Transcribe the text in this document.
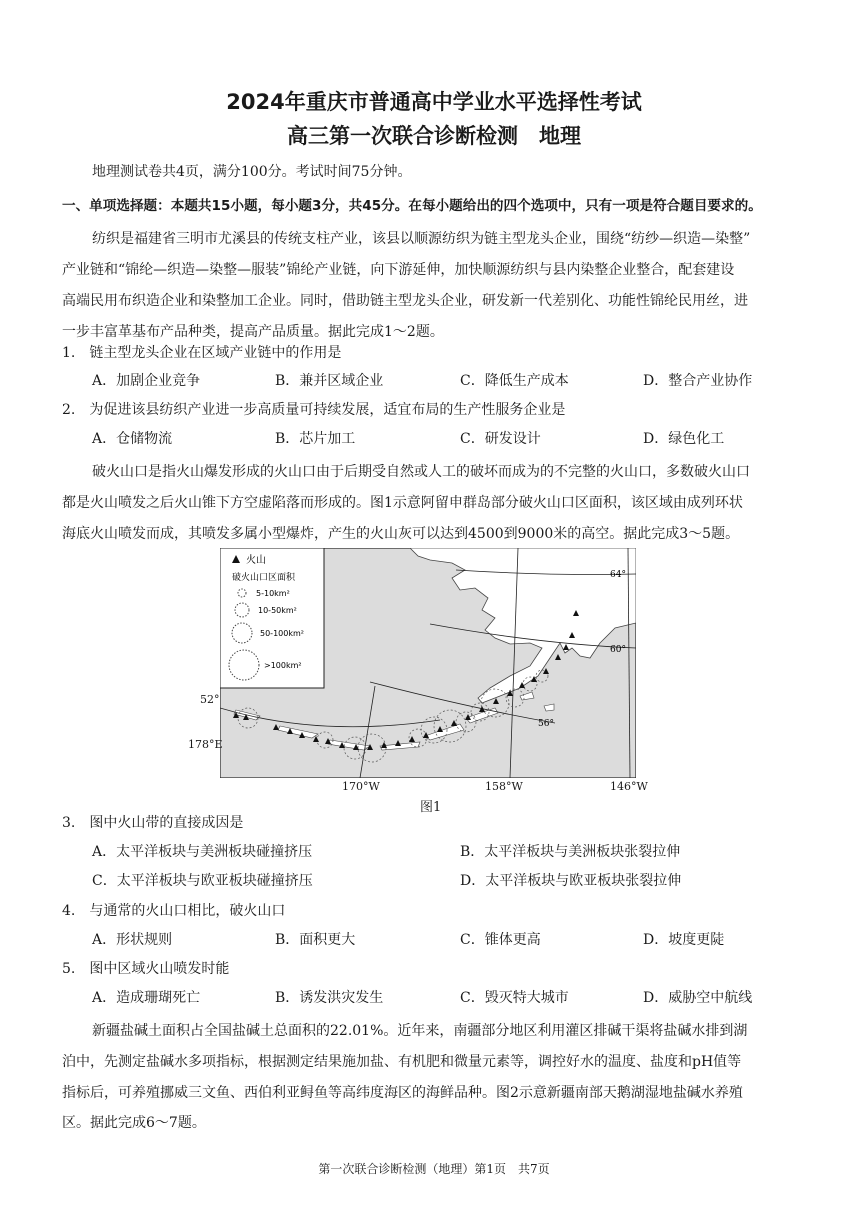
2024年重庆市普通高中学业水平选择性考试
高三第一次联合诊断检测　地理
地理测试卷共4页，满分100分。考试时间75分钟。
一、单项选择题：本题共15小题，每小题3分，共45分。在每小题给出的四个选项中，只有一项是符合题目要求的。
纺织是福建省三明市尤溪县的传统支柱产业，该县以顺源纺织为链主型龙头企业，围绕“纺纱—织造—染整”
产业链和“锦纶—织造—染整—服装”锦纶产业链，向下游延伸，加快顺源纺织与县内染整企业整合，配套建设
高端民用布织造企业和染整加工企业。同时，借助链主型龙头企业，研发新一代差别化、功能性锦纶民用丝，进
一步丰富革基布产品种类，提高产品质量。据此完成1～2题。
1.　链主型龙头企业在区域产业链中的作用是
A．加剧企业竞争	B．兼并区域企业	C．降低生产成本	D．整合产业协作
2.　为促进该县纺织产业进一步高质量可持续发展，适宜布局的生产性服务企业是
A．仓储物流	B．芯片加工	C．研发设计	D．绿色化工
破火山口是指火山爆发形成的火山口由于后期受自然或人工的破坏而成为的不完整的火山口，多数破火山口
都是火山喷发之后火山锥下方空虚陷落而形成的。图1示意阿留申群岛部分破火山口区面积，该区域由成列环状
海底火山喷发而成，其喷发多属小型爆炸，产生的火山灰可以达到4500到9000米的高空。据此完成3～5题。
火山
破火山口区面积
5-10km²
10-50km²
50-100km²
>100km²
64°
60°
56°
52°
178°E
170°W	158°W	146°W
图1
3.　图中火山带的直接成因是
A．太平洋板块与美洲板块碰撞挤压	B．太平洋板块与美洲板块张裂拉伸
C．太平洋板块与欧亚板块碰撞挤压	D．太平洋板块与欧亚板块张裂拉伸
4.　与通常的火山口相比，破火山口
A．形状规则	B．面积更大	C．锥体更高	D．坡度更陡
5.　图中区域火山喷发时能
A．造成珊瑚死亡	B．诱发洪灾发生	C．毁灭特大城市	D．威胁空中航线
新疆盐碱土面积占全国盐碱土总面积的22.01%。近年来，南疆部分地区利用灌区排碱干渠将盐碱水排到湖
泊中，先测定盐碱水多项指标，根据测定结果施加盐、有机肥和微量元素等，调控好水的温度、盐度和pH值等
指标后，可养殖挪威三文鱼、西伯利亚鲟鱼等高纬度海区的海鲜品种。图2示意新疆南部天鹅湖湿地盐碱水养殖
区。据此完成6～7题。
第一次联合诊断检测（地理）第1页　共7页
